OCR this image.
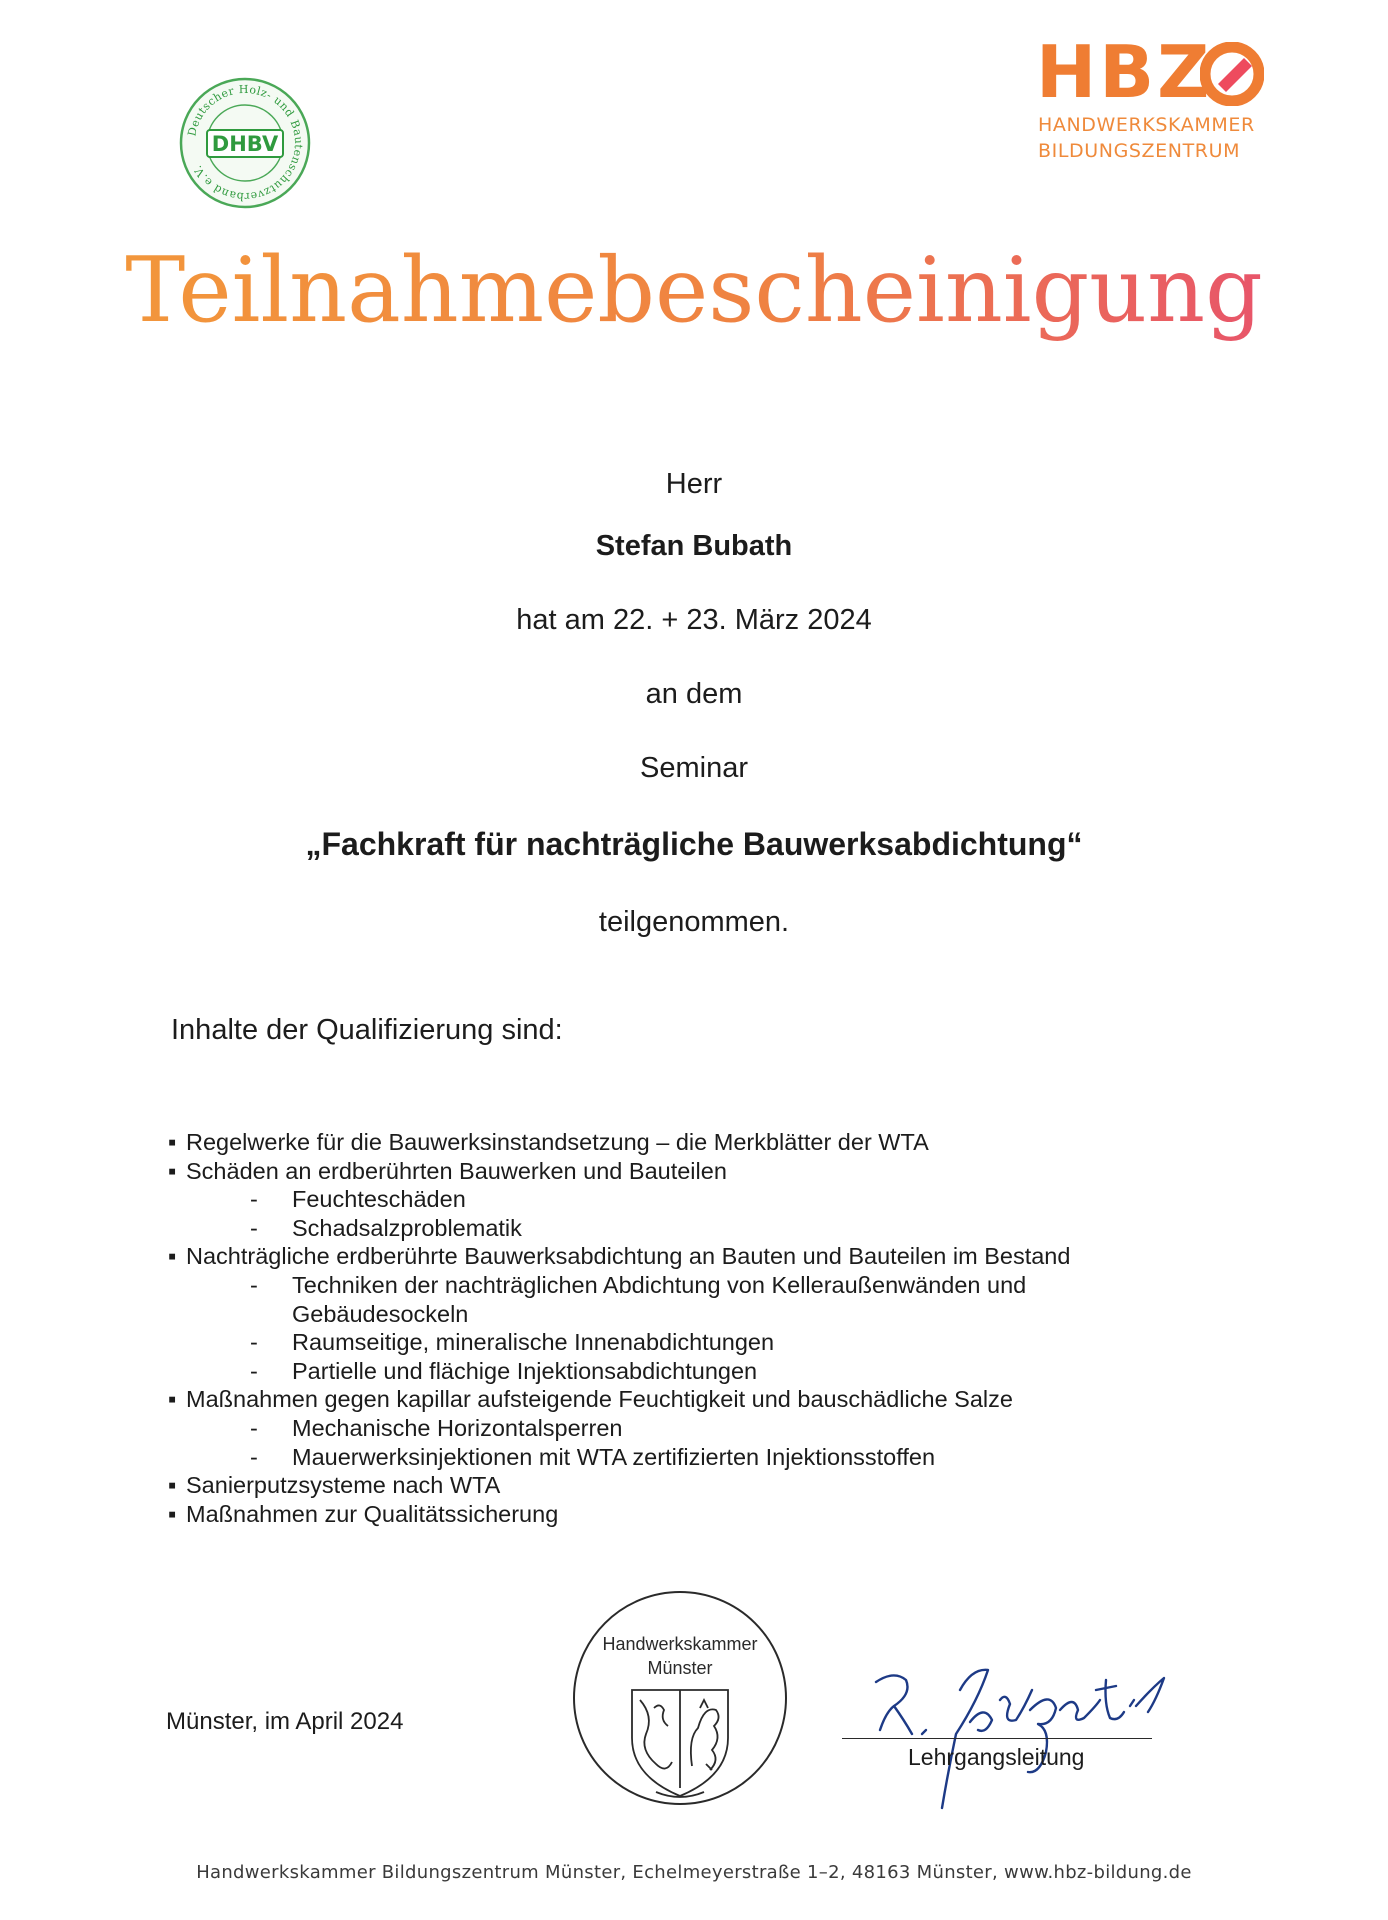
Deutscher Holz- und Bautenschutzverband e.V.
DHBV
HBZ
HANDWERKSKAMMER
BILDUNGSZENTRUM
Teilnahmebescheinigung
Herr
Stefan Bubath
hat am 22. + 23. März 2024
an dem
Seminar
„Fachkraft für nachträgliche Bauwerksabdichtung“
teilgenommen.
Inhalte der Qualifizierung sind:
▪ Regelwerke für die Bauwerksinstandsetzung – die Merkblätter der WTA
▪ Schäden an erdberührten Bauwerken und Bauteilen
- Feuchteschäden
- Schadsalzproblematik
▪ Nachträgliche erdberührte Bauwerksabdichtung an Bauten und Bauteilen im Bestand
- Techniken der nachträglichen Abdichtung von Kelleraußenwänden und Gebäudesockeln
- Raumseitige, mineralische Innenabdichtungen
- Partielle und flächige Injektionsabdichtungen
▪ Maßnahmen gegen kapillar aufsteigende Feuchtigkeit und bauschädliche Salze
- Mechanische Horizontalsperren
- Mauerwerksinjektionen mit WTA zertifizierten Injektionsstoffen
▪ Sanierputzsysteme nach WTA
▪ Maßnahmen zur Qualitätssicherung
Münster, im April 2024
Handwerkskammer
Münster
Lehrgangsleitung
Handwerkskammer Bildungszentrum Münster, Echelmeyerstraße 1–2, 48163 Münster, www.hbz-bildung.de
